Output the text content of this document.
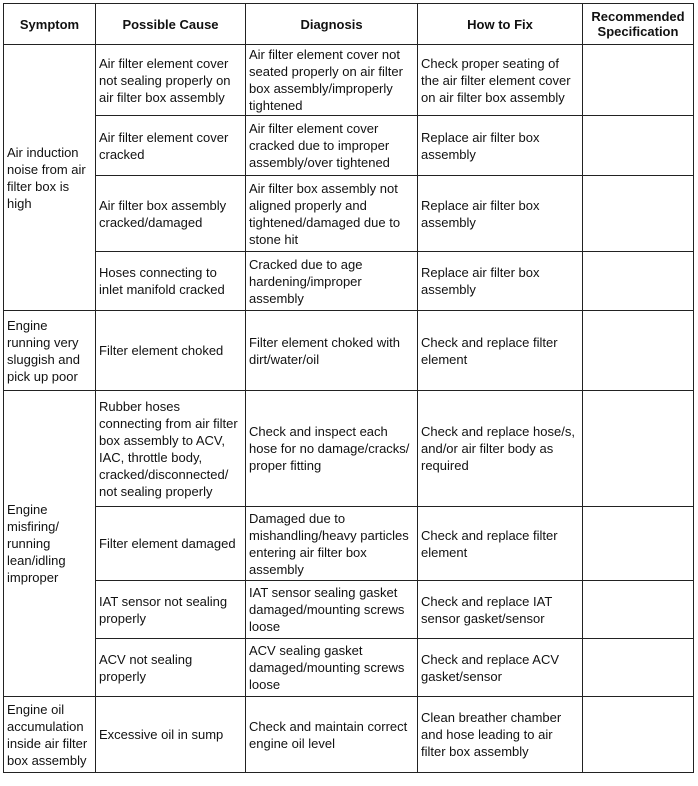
Symptom	Possible Cause	Diagnosis	How to Fix	Recommended Specification
Air induction noise from air filter box is high	Air filter element cover not sealing properly on air filter box assembly	Air filter element cover not seated properly on air filter box assembly/improperly tightened	Check proper seating of the air filter element cover on air filter box assembly	
	Air filter element cover cracked	Air filter element cover cracked due to improper assembly/over tightened	Replace air filter box assembly	
	Air filter box assembly cracked/damaged	Air filter box assembly not aligned properly and tightened/damaged due to stone hit	Replace air filter box assembly	
	Hoses connecting to inlet manifold cracked	Cracked due to age hardening/improper assembly	Replace air filter box assembly	
Engine running very sluggish and pick up poor	Filter element choked	Filter element choked with dirt/water/oil	Check and replace filter element	
Engine misfiring/ running lean/idling improper	Rubber hoses connecting from air filter box assembly to ACV, IAC, throttle body, cracked/disconnected/ not sealing properly	Check and inspect each hose for no damage/cracks/ proper fitting	Check and replace hose/s, and/or air filter body as required	
	Filter element damaged	Damaged due to mishandling/heavy particles entering air filter box assembly	Check and replace filter element	
	IAT sensor not sealing properly	IAT sensor sealing gasket damaged/mounting screws loose	Check and replace IAT sensor gasket/sensor	
	ACV not sealing properly	ACV sealing gasket damaged/mounting screws loose	Check and replace ACV gasket/sensor	
Engine oil accumulation inside air filter box assembly	Excessive oil in sump	Check and maintain correct engine oil level	Clean breather chamber and hose leading to air filter box assembly	
